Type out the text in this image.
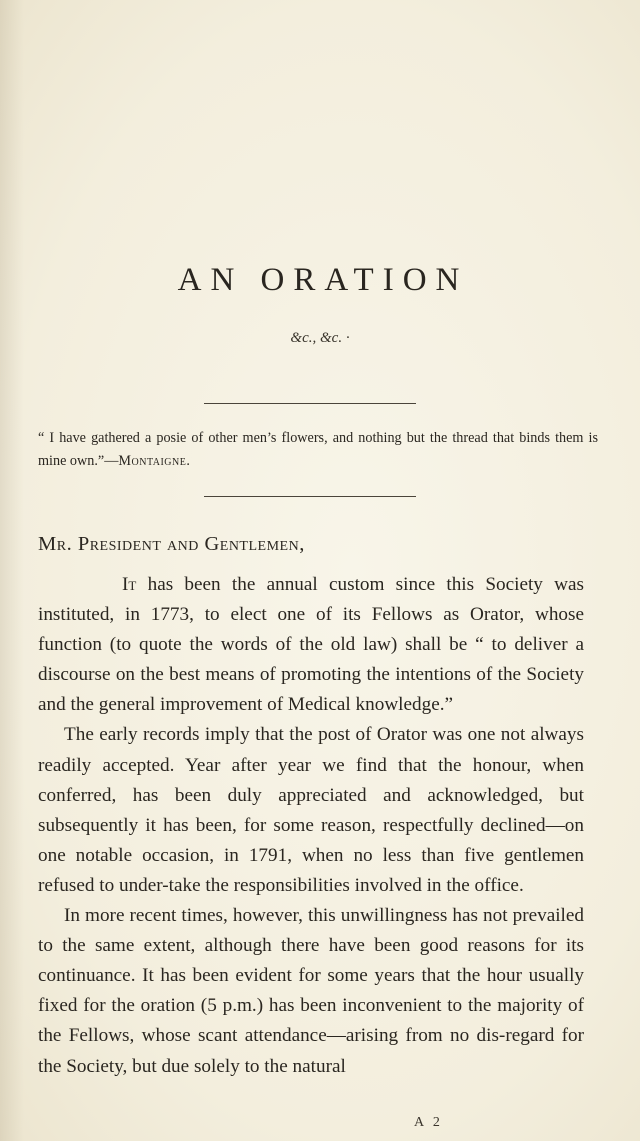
AN ORATION
&c., &c. ·
“ I have gathered a posie of other men’s flowers, and nothing but the thread that binds them is mine own.”—Montaigne.
Mr. President and Gentlemen,

It has been the annual custom since this Society was instituted, in 1773, to elect one of its Fellows as Orator, whose function (to quote the words of the old law) shall be “ to deliver a discourse on the best means of promoting the intentions of the Society and the general improvement of Medical knowledge.”

The early records imply that the post of Orator was one not always readily accepted. Year after year we find that the honour, when conferred, has been duly appreciated and acknowledged, but subsequently it has been, for some reason, respectfully declined—on one notable occasion, in 1791, when no less than five gentlemen refused to under-take the responsibilities involved in the office.

In more recent times, however, this unwillingness has not prevailed to the same extent, although there have been good reasons for its continuance. It has been evident for some years that the hour usually fixed for the oration (5 p.m.) has been inconvenient to the majority of the Fellows, whose scant attendance—arising from no dis-regard for the Society, but due solely to the natural

A 2
